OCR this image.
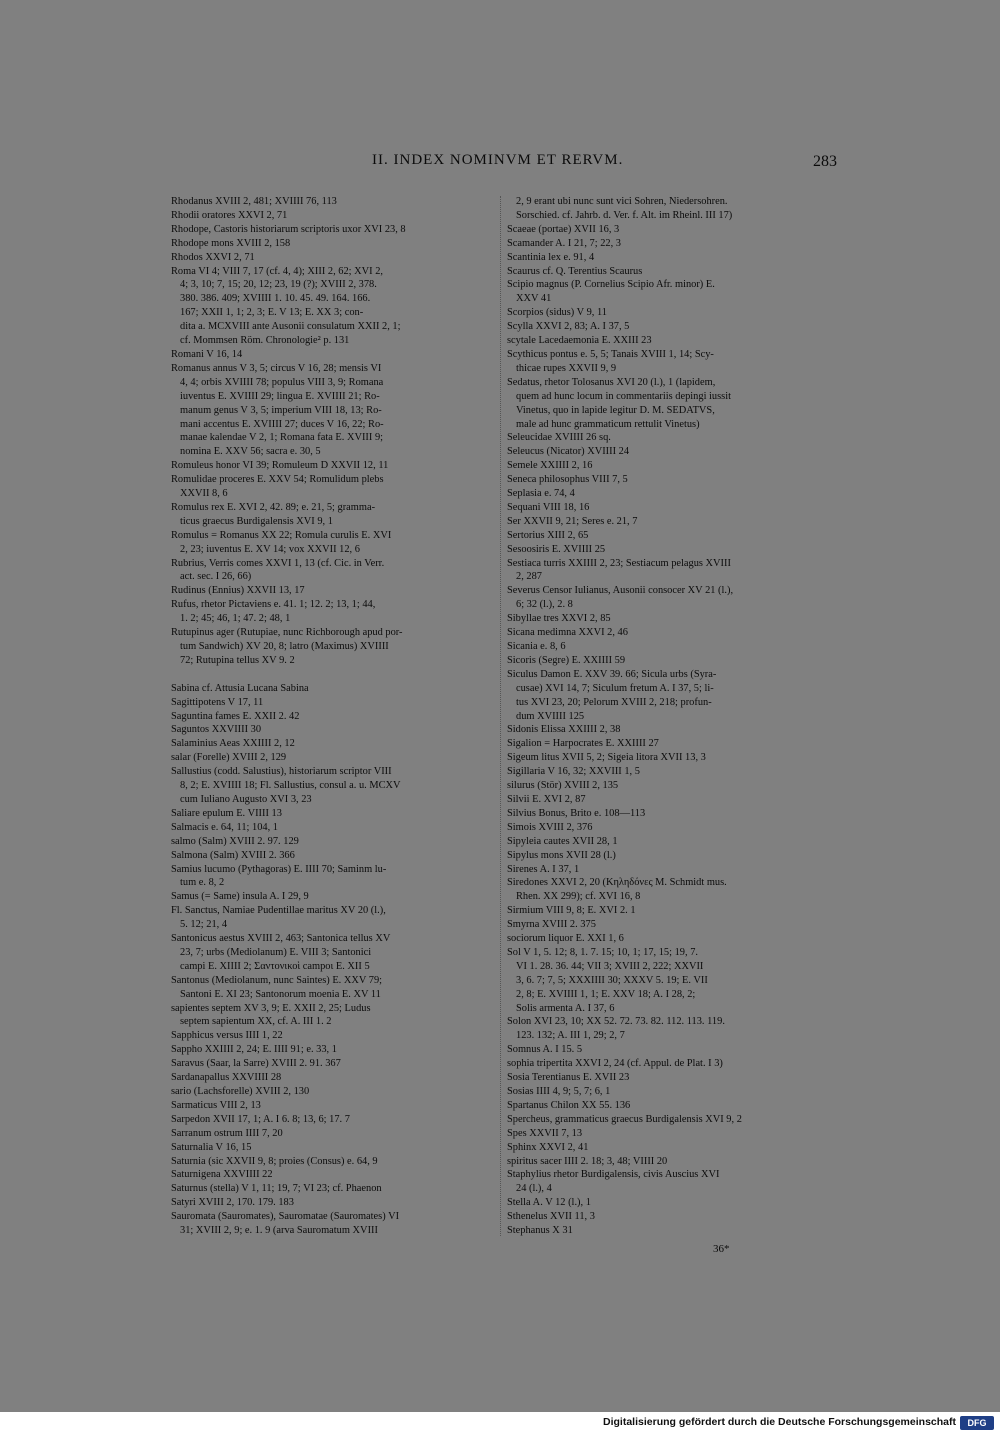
II. INDEX NOMINVM ET RERVM.	283
Rhodanus XVIII 2, 481; XVIIII 76, 113
Rhodii oratores XXVI 2, 71
Rhodope, Castoris historiarum scriptoris uxor XVI 23, 8
Rhodope mons XVIII 2, 158
Rhodos XXVI 2, 71
Roma VI 4; VIII 7, 17 (cf. 4, 4); XIII 2, 62; XVI 2,
4; 3, 10; 7, 15; 20, 12; 23, 19 (?); XVIII 2, 378.
380. 386. 409; XVIIII 1. 10. 45. 49. 164. 166.
167; XXII 1, 1; 2, 3; E. V 13; E. XX 3; con-
dita a. MCXVIII ante Ausonii consulatum XXII 2, 1;
cf. Mommsen Röm. Chronologie² p. 131
Romani V 16, 14
Romanus annus V 3, 5; circus V 16, 28; mensis VI
4, 4; orbis XVIIII 78; populus VIII 3, 9; Romana
iuventus E. XVIIII 29; lingua E. XVIIII 21; Ro-
manum genus V 3, 5; imperium VIII 18, 13; Ro-
mani accentus E. XVIIII 27; duces V 16, 22; Ro-
manae kalendae V 2, 1; Romana fata E. XVIII 9;
nomina E. XXV 56; sacra e. 30, 5
Romuleus honor VI 39; Romuleum D XXVII 12, 11
Romulidae proceres E. XXV 54; Romulidum plebs
XXVII 8, 6
Romulus rex E. XVI 2, 42. 89; e. 21, 5; gramma-
ticus graecus Burdigalensis XVI 9, 1
Romulus = Romanus XX 22; Romula curulis E. XVI
2, 23; iuventus E. XV 14; vox XXVII 12, 6
Rubrius, Verris comes XXVI 1, 13 (cf. Cic. in Verr.
act. sec. I 26, 66)
Rudinus (Ennius) XXVII 13, 17
Rufus, rhetor Pictaviens e. 41. 1; 12. 2; 13, 1; 44,
1. 2; 45; 46, 1; 47. 2; 48, 1
Rutupinus ager (Rutupiae, nunc Richborough apud por-
tum Sandwich) XV 20, 8; latro (Maximus) XVIIII
72; Rutupina tellus XV 9. 2
Sabina cf. Attusia Lucana Sabina
Sagittipotens V 17, 11
Saguntina fames E. XXII 2. 42
Saguntos XXVIIII 30
Salaminius Aeas XXIIII 2, 12
salar (Forelle) XVIII 2, 129
Sallustius (codd. Salustius), historiarum scriptor VIII
8, 2; E. XVIIII 18; Fl. Sallustius, consul a. u. MCXV
cum Iuliano Augusto XVI 3, 23
Saliare epulum E. VIIII 13
Salmacis e. 64, 11; 104, 1
salmo (Salm) XVIII 2. 97. 129
Salmona (Salm) XVIII 2. 366
Samius lucumo (Pythagoras) E. IIII 70; Saminm lu-
tum e. 8, 2
Samus (= Same) insula A. I 29, 9
Fl. Sanctus, Namiae Pudentillae maritus XV 20 (l.),
5. 12; 21, 4
Santonicus aestus XVIII 2, 463; Santonica tellus XV
23, 7; urbs (Mediolanum) E. VIII 3; Santonici
campi E. XIIII 2; Σαντονικοὶ campοι E. XII 5
Santonus (Mediolanum, nunc Saintes) E. XXV 79;
Santoni E. XI 23; Santonorum moenia E. XV 11
sapientes septem XV 3, 9; E. XXII 2, 25; Ludus
septem sapientum XX, cf. A. III 1. 2
Sapphicus versus IIII 1, 22
Sappho XXIIII 2, 24; E. IIII 91; e. 33, 1
Saravus (Saar, la Sarre) XVIII 2. 91. 367
Sardanapallus XXVIIII 28
sario (Lachsforelle) XVIII 2, 130
Sarmaticus VIII 2, 13
Sarpedon XVII 17, 1; A. I 6. 8; 13, 6; 17. 7
Sarranum ostrum IIII 7, 20
Saturnalia V 16, 15
Saturnia (sic XXVII 9, 8; proies (Consus) e. 64, 9
Saturnigena XXVIIII 22
Saturnus (stella) V 1, 11; 19, 7; VI 23; cf. Phaenon
Satyri XVIII 2, 170. 179. 183
Sauromata (Sauromates), Sauromatae (Sauromates) VI
31; XVIII 2, 9; e. 1. 9 (arva Sauromatum XVIII
2, 9 erant ubi nunc sunt vici Sohren, Niedersohren.
Sorschied. cf. Jahrb. d. Ver. f. Alt. im Rheinl. III 17)
Scaeae (portae) XVII 16, 3
Scamander A. I 21, 7; 22, 3
Scantinia lex e. 91, 4
Scaurus cf. Q. Terentius Scaurus
Scipio magnus (P. Cornelius Scipio Afr. minor) E.
XXV 41
Scorpios (sidus) V 9, 11
Scylla XXVI 2, 83; A. I 37, 5
scytale Lacedaemonia E. XXIII 23
Scythicus pontus e. 5, 5; Tanais XVIII 1, 14; Scy-
thicae rupes XXVII 9, 9
Sedatus, rhetor Tolosanus XVI 20 (l.), 1 (lapidem,
quem ad hunc locum in commentariis depingi iussit
Vinetus, quo in lapide legitur D. M. SEDATVS,
male ad hunc grammaticum rettulit Vinetus)
Seleucidae XVIIII 26 sq.
Seleucus (Nicator) XVIIII 24
Semele XXIIII 2, 16
Seneca philosophus VIII 7, 5
Seplasia e. 74, 4
Sequani VIII 18, 16
Ser XXVII 9, 21; Seres e. 21, 7
Sertorius XIII 2, 65
Sesoosiris E. XVIIII 25
Sestiaca turris XXIIII 2, 23; Sestiacum pelagus XVIII
2, 287
Severus Censor Iulianus, Ausonii consocer XV 21 (l.),
6; 32 (l.), 2. 8
Sibyllae tres XXVI 2, 85
Sicana medimna XXVI 2, 46
Sicania e. 8, 6
Sicoris (Segre) E. XXIIII 59
Siculus Damon E. XXV 39. 66; Sicula urbs (Syra-
cusae) XVI 14, 7; Siculum fretum A. I 37, 5; li-
tus XVI 23, 20; Pelorum XVIII 2, 218; profun-
dum XVIIII 125
Sidonis Elissa XXIIII 2, 38
Sigalion = Harpocrates E. XXIIII 27
Sigeum litus XVII 5, 2; Sigeia litora XVII 13, 3
Sigillaria V 16, 32; XXVIII 1, 5
silurus (Stör) XVIII 2, 135
Silvii E. XVI 2, 87
Silvius Bonus, Brito e. 108—113
Simois XVIII 2, 376
Sipyleia cautes XVII 28, 1
Sipylus mons XVII 28 (l.)
Sirenes A. I 37, 1
Siredones XXVI 2, 20 (Κηληδόνες M. Schmidt mus.
Rhen. XX 299); cf. XVI 16, 8
Sirmium VIII 9, 8; E. XVI 2. 1
Smyrna XVIII 2. 375
sociorum liquor E. XXI 1, 6
Sol V 1, 5. 12; 8, 1. 7. 15; 10, 1; 17, 15; 19, 7.
VI 1. 28. 36. 44; VII 3; XVIII 2, 222; XXVII
3, 6. 7; 7, 5; XXXIIII 30; XXXV 5. 19; E. VII
2, 8; E. XVIIII 1, 1; E. XXV 18; A. I 28, 2;
Solis armenta A. I 37, 6
Solon XVI 23, 10; XX 52. 72. 73. 82. 112. 113. 119.
123. 132; A. III 1, 29; 2, 7
Somnus A. I 15. 5
sophia tripertita XXVI 2, 24 (cf. Appul. de Plat. I 3)
Sosia Terentianus E. XVII 23
Sosias IIII 4, 9; 5, 7; 6, 1
Spartanus Chilon XX 55. 136
Spercheus, grammaticus graecus Burdigalensis XVI 9, 2
Spes XXVII 7, 13
Sphinx XXVI 2, 41
spiritus sacer IIII 2. 18; 3, 48; VIIII 20
Staphylius rhetor Burdigalensis, civis Auscius XVI
24 (l.), 4
Stella A. V 12 (l.), 1
Sthenelus XVII 11, 3
Stephanus X 31
36*
Digitalisierung gefördert durch die Deutsche Forschungsgemeinschaft	DFG
